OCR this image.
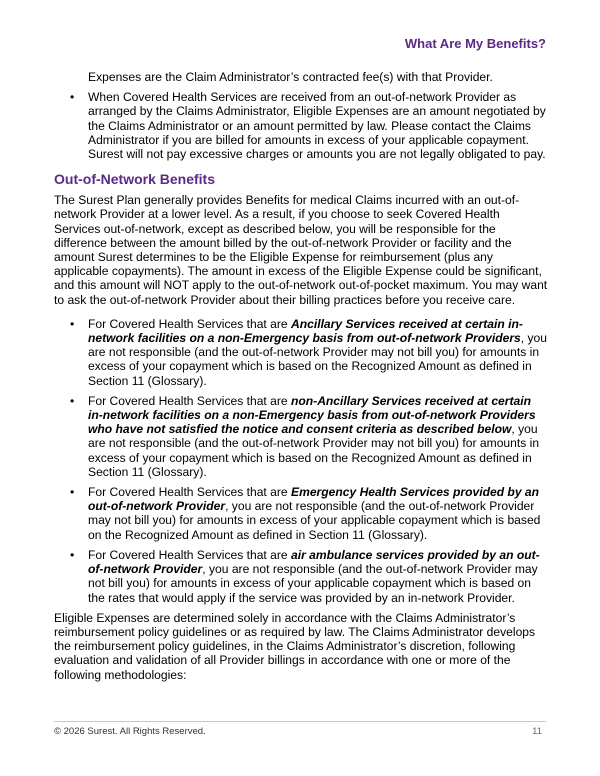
What Are My Benefits?

Expenses are the Claim Administrator’s contracted fee(s) with that Provider.

• When Covered Health Services are received from an out-of-network Provider as arranged by the Claims Administrator, Eligible Expenses are an amount negotiated by the Claims Administrator or an amount permitted by law. Please contact the Claims Administrator if you are billed for amounts in excess of your applicable copayment. Surest will not pay excessive charges or amounts you are not legally obligated to pay.
Out-of-Network Benefits

The Surest Plan generally provides Benefits for medical Claims incurred with an out-of-network Provider at a lower level. As a result, if you choose to seek Covered Health Services out-of-network, except as described below, you will be responsible for the difference between the amount billed by the out-of-network Provider or facility and the amount Surest determines to be the Eligible Expense for reimbursement (plus any applicable copayments). The amount in excess of the Eligible Expense could be significant, and this amount will NOT apply to the out-of-network out-of-pocket maximum. You may want to ask the out-of-network Provider about their billing practices before you receive care.

• For Covered Health Services that are Ancillary Services received at certain in-network facilities on a non-Emergency basis from out-of-network Providers, you are not responsible (and the out-of-network Provider may not bill you) for amounts in excess of your copayment which is based on the Recognized Amount as defined in Section 11 (Glossary).
• For Covered Health Services that are non-Ancillary Services received at certain in-network facilities on a non-Emergency basis from out-of-network Providers who have not satisfied the notice and consent criteria as described below, you are not responsible (and the out-of-network Provider may not bill you) for amounts in excess of your copayment which is based on the Recognized Amount as defined in Section 11 (Glossary).
• For Covered Health Services that are Emergency Health Services provided by an out-of-network Provider, you are not responsible (and the out-of-network Provider may not bill you) for amounts in excess of your applicable copayment which is based on the Recognized Amount as defined in Section 11 (Glossary).
• For Covered Health Services that are air ambulance services provided by an out-of-network Provider, you are not responsible (and the out-of-network Provider may not bill you) for amounts in excess of your applicable copayment which is based on the rates that would apply if the service was provided by an in-network Provider.

Eligible Expenses are determined solely in accordance with the Claims Administrator’s reimbursement policy guidelines or as required by law. The Claims Administrator develops the reimbursement policy guidelines, in the Claims Administrator’s discretion, following evaluation and validation of all Provider billings in accordance with one or more of the following methodologies:

© 2026 Surest. All Rights Reserved.	11
